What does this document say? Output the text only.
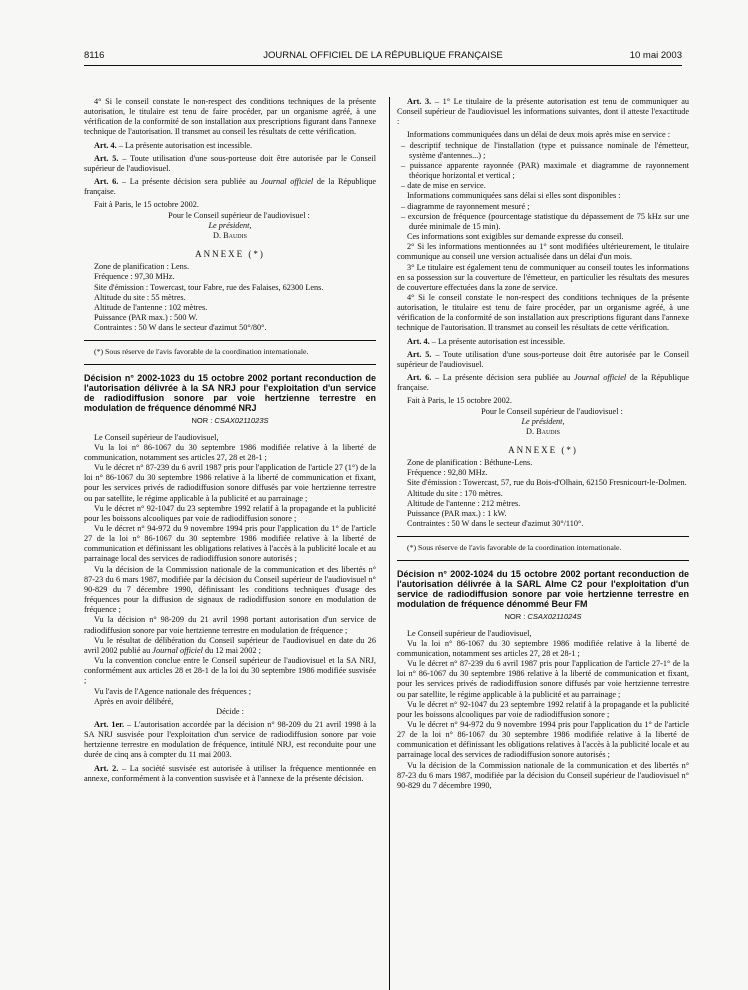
8116	JOURNAL OFFICIEL DE LA RÉPUBLIQUE FRANÇAISE	10 mai 2003

4° Si le conseil constate le non-respect des conditions techniques de la présente autorisation, le titulaire est tenu de faire procéder, par un organisme agréé, à une vérification de la conformité de son installation aux prescriptions figurant dans l'annexe technique de l'autorisation. Il transmet au conseil les résultats de cette vérification.

Art. 4. – La présente autorisation est incessible.

Art. 5. – Toute utilisation d'une sous-porteuse doit être autorisée par le Conseil supérieur de l'audiovisuel.

Art. 6. – La présente décision sera publiée au Journal officiel de la République française.

Fait à Paris, le 15 octobre 2002.

Pour le Conseil supérieur de l'audiovisuel :

Le président,

D. Baudis

ANNEXE (*)

Zone de planification : Lens.

Fréquence : 97,30 MHz.

Site d'émission : Towercast, tour Fabre, rue des Falaises, 62300 Lens.

Altitude du site : 55 mètres.

Altitude de l'antenne : 102 mètres.

Puissance (PAR max.) : 500 W.

Contraintes : 50 W dans le secteur d'azimut 50°/80°.

(*) Sous réserve de l'avis favorable de la coordination internationale.

Décision n° 2002-1023 du 15 octobre 2002 portant reconduction de l'autorisation délivrée à la SA NRJ pour l'exploitation d'un service de radiodiffusion sonore par voie hertzienne terrestre en modulation de fréquence dénommé NRJ

NOR : CSAX0211023S

Le Conseil supérieur de l'audiovisuel,

Vu la loi n° 86-1067 du 30 septembre 1986 modifiée relative à la liberté de communication, notamment ses articles 27, 28 et 28-1 ;

Vu le décret n° 87-239 du 6 avril 1987 pris pour l'application de l'article 27 (1°) de la loi n° 86-1067 du 30 septembre 1986 relative à la liberté de communication et fixant, pour les services privés de radiodiffusion sonore diffusés par voie hertzienne terrestre ou par satellite, le régime applicable à la publicité et au parrainage ;

Vu le décret n° 92-1047 du 23 septembre 1992 relatif à la propagande et la publicité pour les boissons alcooliques par voie de radiodiffusion sonore ;

Vu le décret n° 94-972 du 9 novembre 1994 pris pour l'application du 1° de l'article 27 de la loi n° 86-1067 du 30 septembre 1986 modifiée relative à la liberté de communication et définissant les obligations relatives à l'accès à la publicité locale et au parrainage local des services de radiodiffusion sonore autorisés ;

Vu la décision de la Commission nationale de la communication et des libertés n° 87-23 du 6 mars 1987, modifiée par la décision du Conseil supérieur de l'audiovisuel n° 90-829 du 7 décembre 1990, définissant les conditions techniques d'usage des fréquences pour la diffusion de signaux de radiodiffusion sonore en modulation de fréquence ;

Vu la décision n° 98-209 du 21 avril 1998 portant autorisation d'un service de radiodiffusion sonore par voie hertzienne terrestre en modulation de fréquence ;

Vu le résultat de délibération du Conseil supérieur de l'audiovisuel en date du 26 avril 2002 publié au Journal officiel du 12 mai 2002 ;

Vu la convention conclue entre le Conseil supérieur de l'audiovisuel et la SA NRJ, conformément aux articles 28 et 28-1 de la loi du 30 septembre 1986 modifiée susvisée ;

Vu l'avis de l'Agence nationale des fréquences ;

Après en avoir délibéré,

Décide :

Art. 1er. – L'autorisation accordée par la décision n° 98-209 du 21 avril 1998 à la SA NRJ susvisée pour l'exploitation d'un service de radiodiffusion sonore par voie hertzienne terrestre en modulation de fréquence, intitulé NRJ, est reconduite pour une durée de cinq ans à compter du 11 mai 2003.

Art. 2. – La société susvisée est autorisée à utiliser la fréquence mentionnée en annexe, conformément à la convention susvisée et à l'annexe de la présente décision.

Art. 3. – 1° Le titulaire de la présente autorisation est tenu de communiquer au Conseil supérieur de l'audiovisuel les informations suivantes, dont il atteste l'exactitude :

Informations communiquées dans un délai de deux mois après mise en service :

– descriptif technique de l'installation (type et puissance nominale de l'émetteur, système d'antennes...) ;
– puissance apparente rayonnée (PAR) maximale et diagramme de rayonnement théorique horizontal et vertical ;
– date de mise en service.

Informations communiquées sans délai si elles sont disponibles :

– diagramme de rayonnement mesuré ;
– excursion de fréquence (pourcentage statistique du dépassement de 75 kHz sur une durée minimale de 15 min).

Ces informations sont exigibles sur demande expresse du conseil.

2° Si les informations mentionnées au 1° sont modifiées ultérieurement, le titulaire communique au conseil une version actualisée dans un délai d'un mois.

3° Le titulaire est également tenu de communiquer au conseil toutes les informations en sa possession sur la couverture de l'émetteur, en particulier les résultats des mesures de couverture effectuées dans la zone de service.

4° Si le conseil constate le non-respect des conditions techniques de la présente autorisation, le titulaire est tenu de faire procéder, par un organisme agréé, à une vérification de la conformité de son installation aux prescriptions figurant dans l'annexe technique de l'autorisation. Il transmet au conseil les résultats de cette vérification.

Art. 4. – La présente autorisation est incessible.

Art. 5. – Toute utilisation d'une sous-porteuse doit être autorisée par le Conseil supérieur de l'audiovisuel.

Art. 6. – La présente décision sera publiée au Journal officiel de la République française.

Fait à Paris, le 15 octobre 2002.

Pour le Conseil supérieur de l'audiovisuel :

Le président,

D. Baudis

ANNEXE (*)

Zone de planification : Béthune-Lens.

Fréquence : 92,80 MHz.

Site d'émission : Towercast, 57, rue du Bois-d'Olhain, 62150 Fresnicourt-le-Dolmen.

Altitude du site : 170 mètres.

Altitude de l'antenne : 212 mètres.

Puissance (PAR max.) : 1 kW.

Contraintes : 50 W dans le secteur d'azimut 30°/110°.

(*) Sous réserve de l'avis favorable de la coordination internationale.

Décision n° 2002-1024 du 15 octobre 2002 portant reconduction de l'autorisation délivrée à la SARL Alme C2 pour l'exploitation d'un service de radiodiffusion sonore par voie hertzienne terrestre en modulation de fréquence dénommé Beur FM

NOR : CSAX0211024S

Le Conseil supérieur de l'audiovisuel,

Vu la loi n° 86-1067 du 30 septembre 1986 modifiée relative à la liberté de communication, notamment ses articles 27, 28 et 28-1 ;

Vu le décret n° 87-239 du 6 avril 1987 pris pour l'application de l'article 27-1° de la loi n° 86-1067 du 30 septembre 1986 relative à la liberté de communication et fixant, pour les services privés de radiodiffusion sonore diffusés par voie hertzienne terrestre ou par satellite, le régime applicable à la publicité et au parrainage ;

Vu le décret n° 92-1047 du 23 septembre 1992 relatif à la propagande et la publicité pour les boissons alcooliques par voie de radiodiffusion sonore ;

Vu le décret n° 94-972 du 9 novembre 1994 pris pour l'application du 1° de l'article 27 de la loi n° 86-1067 du 30 septembre 1986 modifiée relative à la liberté de communication et définissant les obligations relatives à l'accès à la publicité locale et au parrainage local des services de radiodiffusion sonore autorisés ;

Vu la décision de la Commission nationale de la communication et des libertés n° 87-23 du 6 mars 1987, modifiée par la décision du Conseil supérieur de l'audiovisuel n° 90-829 du 7 décembre 1990,
